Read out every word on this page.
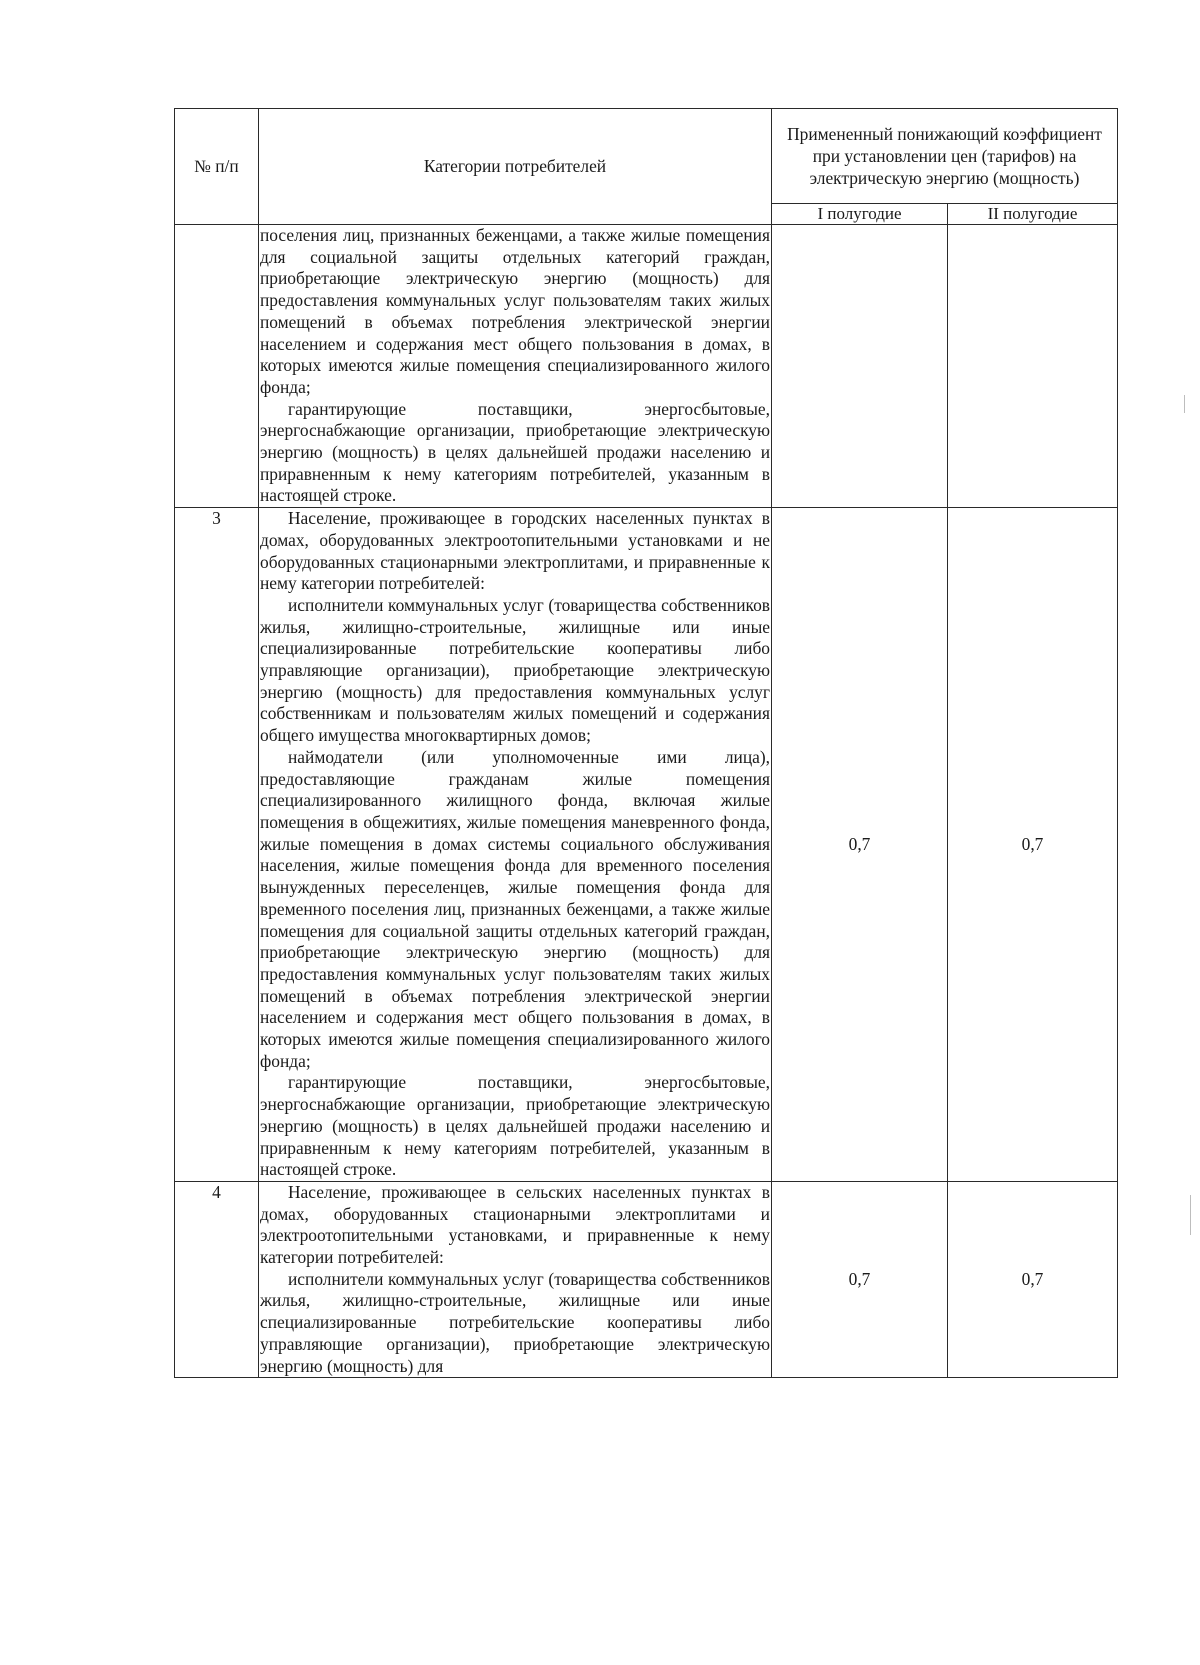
№ п/п	Категории потребителей	Примененный понижающий коэффициент при установлении цен (тарифов) на электрическую энергию (мощность)	
		I полугодие	II полугодие

	поселения лиц, признанных беженцами, а также жилые помещения для социальной защиты отдельных категорий граждан, приобретающие электрическую энергию (мощность) для предоставления коммунальных услуг пользователям таких жилых помещений в объемах потребления электрической энергии населением и содержания мест общего пользования в домах, в которых имеются жилые помещения специализированного жилого фонда;

гарантирующие поставщики, энергосбытовые, энергоснабжающие организации, приобретающие электрическую энергию (мощность) в целях дальнейшей продажи населению и приравненным к нему категориям потребителей, указанным в настоящей строке.		

3	Население, проживающее в городских населенных пунктах в домах, оборудованных электроотопительными установками и не оборудованных стационарными электроплитами, и приравненные к нему категории потребителей:

исполнители коммунальных услуг (товарищества собственников жилья, жилищно-строительные, жилищные или иные специализированные потребительские кооперативы либо управляющие организации), приобретающие электрическую энергию (мощность) для предоставления коммунальных услуг собственникам и пользователям жилых помещений и содержания общего имущества многоквартирных домов;

наймодатели (или уполномоченные ими лица), предоставляющие гражданам жилые помещения специализированного жилищного фонда, включая жилые помещения в общежитиях, жилые помещения маневренного фонда, жилые помещения в домах системы социального обслуживания населения, жилые помещения фонда для временного поселения вынужденных переселенцев, жилые помещения фонда для временного поселения лиц, признанных беженцами, а также жилые помещения для социальной защиты отдельных категорий граждан, приобретающие электрическую энергию (мощность) для предоставления коммунальных услуг пользователям таких жилых помещений в объемах потребления электрической энергии населением и содержания мест общего пользования в домах, в которых имеются жилые помещения специализированного жилого фонда;

гарантирующие поставщики, энергосбытовые, энергоснабжающие организации, приобретающие электрическую энергию (мощность) в целях дальнейшей продажи населению и приравненным к нему категориям потребителей, указанным в настоящей строке.	0,7	0,7
4	Население, проживающее в сельских населенных пунктах в домах, оборудованных стационарными электроплитами и электроотопительными установками, и приравненные к нему категории потребителей:

исполнители коммунальных услуг (товарищества собственников жилья, жилищно-строительные, жилищные или иные специализированные потребительские кооперативы либо управляющие организации), приобретающие электрическую энергию (мощность) для	0,7	0,7
